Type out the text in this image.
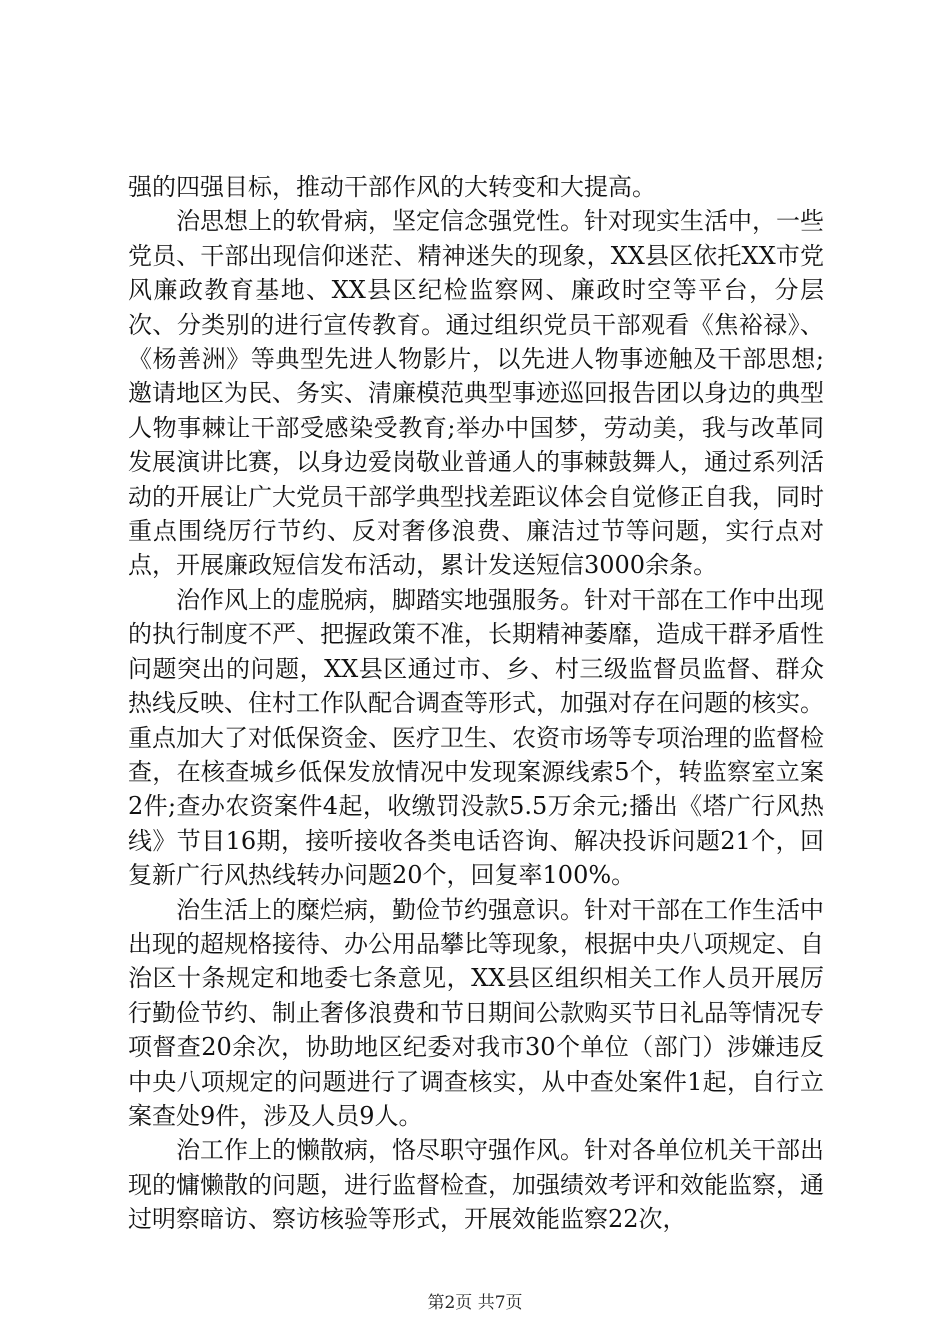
强的四强目标，推动干部作风的大转变和大提高。

治思想上的软骨病，坚定信念强党性。针对现实生活中，一些党员、干部出现信仰迷茫、精神迷失的现象，XX县区依托XX市党风廉政教育基地、XX县区纪检监察网、廉政时空等平台，分层次、分类别的进行宣传教育。通过组织党员干部观看《焦裕禄》、《杨善洲》等典型先进人物影片，以先进人物事迹触及干部思想;邀请地区为民、务实、清廉模范典型事迹巡回报告团以身边的典型人物事棘让干部受感染受教育;举办中国梦，劳动美，我与改革同发展演讲比赛，以身边爱岗敬业普通人的事棘鼓舞人，通过系列活动的开展让广大党员干部学典型找差距议体会自觉修正自我，同时重点围绕厉行节约、反对奢侈浪费、廉洁过节等问题，实行点对点，开展廉政短信发布活动，累计发送短信3000余条。

治作风上的虚脱病，脚踏实地强服务。针对干部在工作中出现的执行制度不严、把握政策不准，长期精神萎靡，造成干群矛盾性问题突出的问题，XX县区通过市、乡、村三级监督员监督、群众热线反映、住村工作队配合调查等形式，加强对存在问题的核实。重点加大了对低保资金、医疗卫生、农资市场等专项治理的监督检查，在核查城乡低保发放情况中发现案源线索5个，转监察室立案2件;查办农资案件4起，收缴罚没款5.5万余元;播出《塔广行风热线》节目16期，接听接收各类电话咨询、解决投诉问题21个，回复新广行风热线转办问题20个，回复率100%。

治生活上的糜烂病，勤俭节约强意识。针对干部在工作生活中出现的超规格接待、办公用品攀比等现象，根据中央八项规定、自治区十条规定和地委七条意见，XX县区组织相关工作人员开展厉行勤俭节约、制止奢侈浪费和节日期间公款购买节日礼品等情况专项督查20余次，协助地区纪委对我市30个单位（部门）涉嫌违反中央八项规定的问题进行了调查核实，从中查处案件1起，自行立案查处9件，涉及人员9人。

治工作上的懒散病，恪尽职守强作风。针对各单位机关干部出现的慵懒散的问题，进行监督检查，加强绩效考评和效能监察，通过明察暗访、察访核验等形式，开展效能监察22次，

第2页 共7页
